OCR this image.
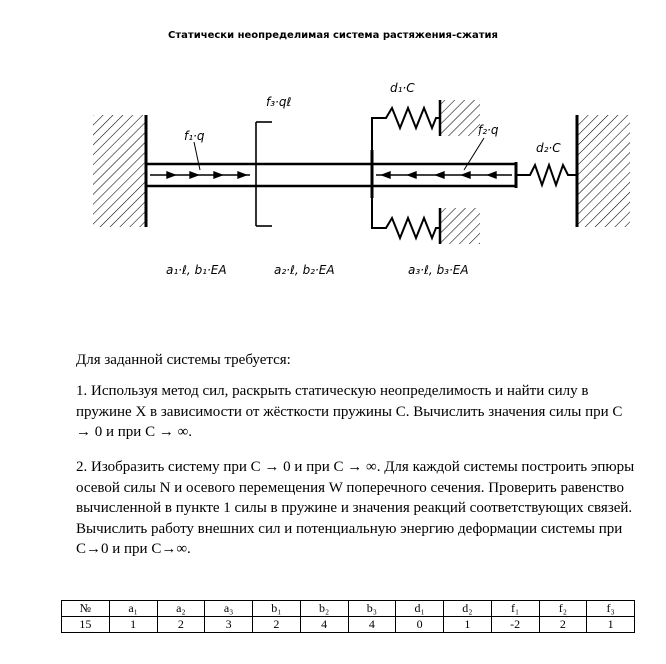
Статически неопределимая система растяжения-сжатия
f₃·qℓ
d₁·C
f₁·q	f₂·q
d₂·C
a₁·ℓ, b₁·EA	a₂·ℓ, b₂·EA	a₃·ℓ, b₃·EA
Для заданной системы требуется:
1. Используя метод сил, раскрыть статическую неопределимость и найти силу в пружине X в зависимости от жёсткости пружины C. Вычислить значения силы при C → 0 и при C → ∞.
2. Изобразить систему при C → 0 и при C → ∞. Для каждой системы построить эпюры осевой силы N и осевого перемещения W поперечного сечения. Проверить равенство вычисленной в пункте 1 силы в пружине и значения реакций соответствующих связей. Вычислить работу внешних сил и потенциальную энергию деформации системы при C→0 и при C→∞.
№	a₁	a₂	a₃	b₁	b₂	b₃	d₁	d₂	f₁	f₂	f₃
15	1	2	3	2	4	4	0	1	-2	2	1
